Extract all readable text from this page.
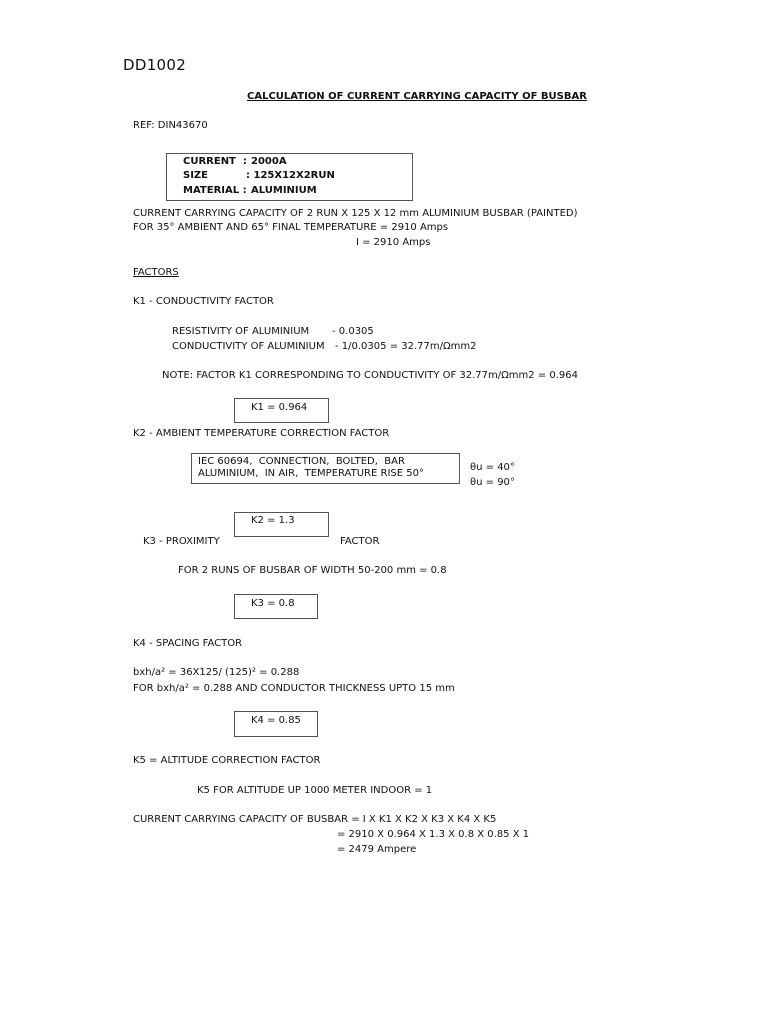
DD1002
CALCULATION OF CURRENT CARRYING CAPACITY OF BUSBAR
REF: DIN43670
CURRENT  : 2000A
SIZE	: 125X12X2RUN
MATERIAL : ALUMINIUM
CURRENT CARRYING CAPACITY OF 2 RUN X 125 X 12 mm ALUMINIUM BUSBAR (PAINTED)
FOR 35° AMBIENT AND 65° FINAL TEMPERATURE = 2910 Amps
I = 2910 Amps
FACTORS
K1 - CONDUCTIVITY FACTOR
RESISTIVITY OF ALUMINIUM - 0.0305
CONDUCTIVITY OF ALUMINIUM - 1/0.0305 = 32.77m/Ωmm2
NOTE: FACTOR K1 CORRESPONDING TO CONDUCTIVITY OF 32.77m/Ωmm2 = 0.964
K1 = 0.964
K2 - AMBIENT TEMPERATURE CORRECTION FACTOR
IEC 60694,  CONNECTION,  BOLTED,  BAR
ALUMINIUM,  IN AIR,  TEMPERATURE RISE 50°
θu = 40°
θu = 90°
K2 = 1.3
K3 - PROXIMITY	FACTOR
FOR 2 RUNS OF BUSBAR OF WIDTH 50-200 mm = 0.8
K3 = 0.8
K4 - SPACING FACTOR
bxh/a² = 36X125/ (125)² = 0.288
FOR bxh/a² = 0.288 AND CONDUCTOR THICKNESS UPTO 15 mm
K4 = 0.85
K5 = ALTITUDE CORRECTION FACTOR
K5 FOR ALTITUDE UP 1000 METER INDOOR = 1
CURRENT CARRYING CAPACITY OF BUSBAR = I X K1 X K2 X K3 X K4 X K5
= 2910 X 0.964 X 1.3 X 0.8 X 0.85 X 1
= 2479 Ampere
